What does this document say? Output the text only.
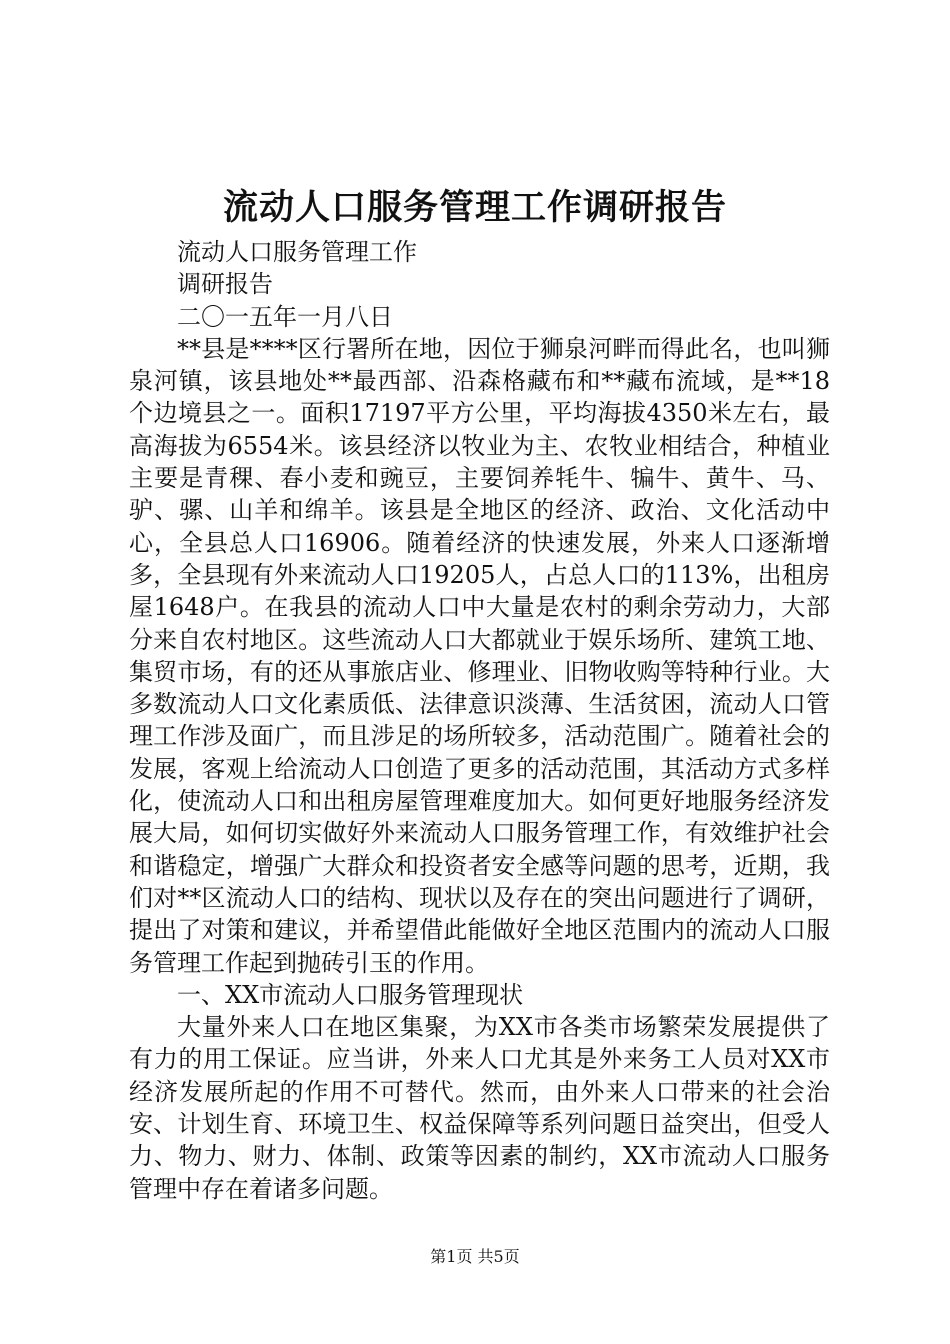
流动人口服务管理工作调研报告

流动人口服务管理工作

调研报告

二〇一五年一月八日

**县是****区行署所在地，因位于狮泉河畔而得此名，也叫狮泉河镇，该县地处**最西部、沿森格藏布和**藏布流域，是**18个边境县之一。面积17197平方公里，平均海拔4350米左右，最高海拔为6554米。该县经济以牧业为主、农牧业相结合，种植业主要是青稞、春小麦和豌豆，主要饲养牦牛、犏牛、黄牛、马、驴、骡、山羊和绵羊。该县是全地区的经济、政治、文化活动中心，全县总人口16906。随着经济的快速发展，外来人口逐渐增多，全县现有外来流动人口19205人，占总人口的113%，出租房屋1648户。在我县的流动人口中大量是农村的剩余劳动力，大部分来自农村地区。这些流动人口大都就业于娱乐场所、建筑工地、集贸市场，有的还从事旅店业、修理业、旧物收购等特种行业。大多数流动人口文化素质低、法律意识淡薄、生活贫困，流动人口管理工作涉及面广，而且涉足的场所较多，活动范围广。随着社会的发展，客观上给流动人口创造了更多的活动范围，其活动方式多样化，使流动人口和出租房屋管理难度加大。如何更好地服务经济发展大局，如何切实做好外来流动人口服务管理工作，有效维护社会和谐稳定，增强广大群众和投资者安全感等问题的思考，近期，我们对**区流动人口的结构、现状以及存在的突出问题进行了调研，提出了对策和建议，并希望借此能做好全地区范围内的流动人口服务管理工作起到抛砖引玉的作用。

一、XX市流动人口服务管理现状

大量外来人口在地区集聚，为XX市各类市场繁荣发展提供了有力的用工保证。应当讲，外来人口尤其是外来务工人员对XX市经济发展所起的作用不可替代。然而，由外来人口带来的社会治安、计划生育、环境卫生、权益保障等系列问题日益突出，但受人力、物力、财力、体制、政策等因素的制约，XX市流动人口服务管理中存在着诸多问题。

第1页 共5页
